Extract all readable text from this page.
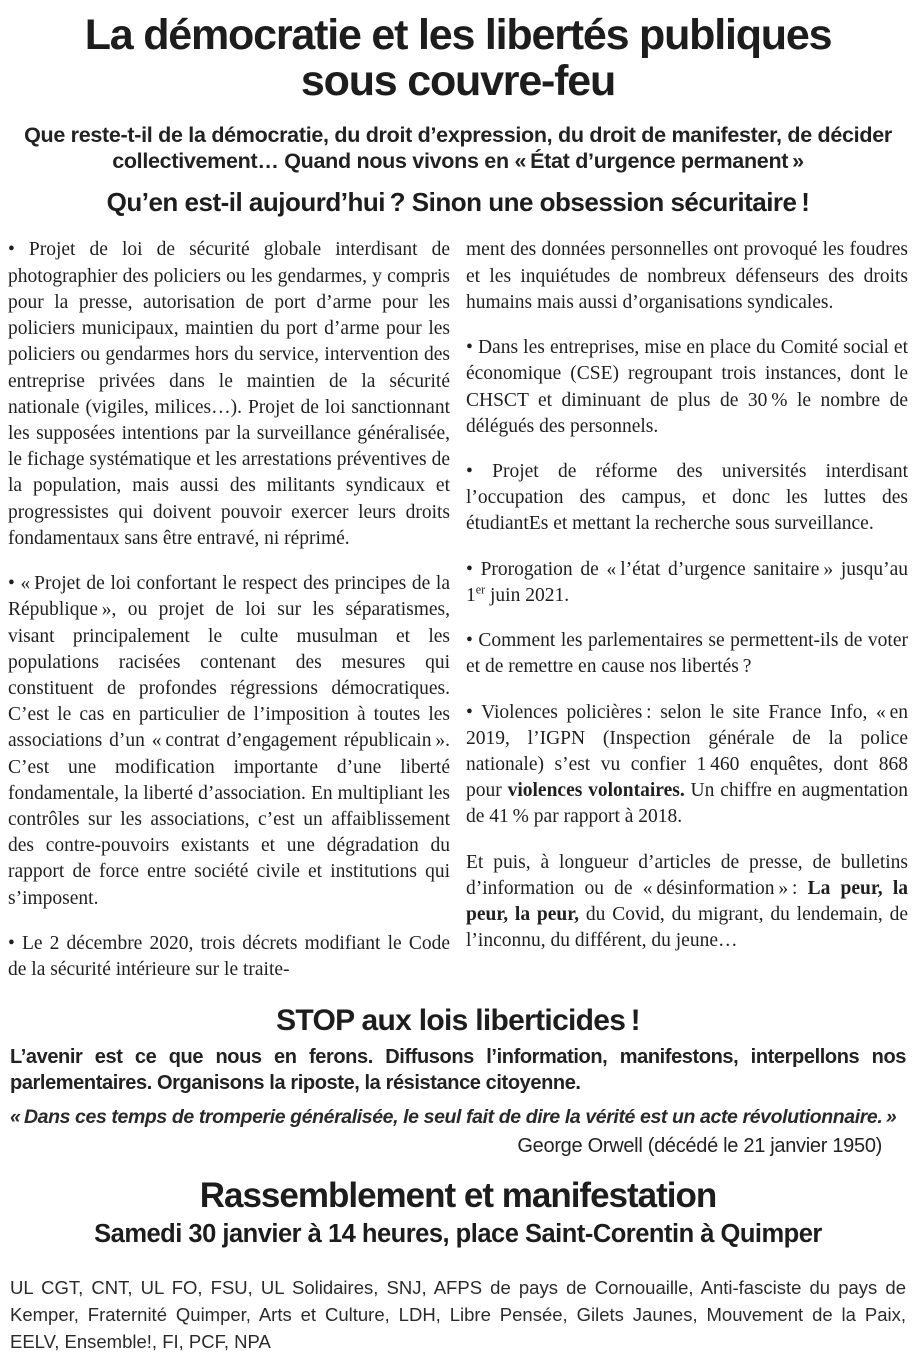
La démocratie et les libertés publiques
sous couvre-feu

Que reste-t-il de la démocratie, du droit d’expression, du droit de manifester, de décider collectivement… Quand nous vivons en « État d’urgence permanent »

Qu’en est-il aujourd’hui ? Sinon une obsession sécuritaire !

• Projet de loi de sécurité globale interdisant de photographier des policiers ou les gendarmes, y compris pour la presse, autorisation de port d’arme pour les policiers municipaux, maintien du port d’arme pour les policiers ou gendarmes hors du service, intervention des entreprise privées dans le maintien de la sécurité nationale (vigiles, milices…). Projet de loi sanctionnant les supposées intentions par la surveillance généralisée, le fichage systématique et les arrestations préventives de la population, mais aussi des militants syndicaux et progressistes qui doivent pouvoir exercer leurs droits fondamentaux sans être entravé, ni réprimé.

• « Projet de loi confortant le respect des principes de la République », ou projet de loi sur les séparatismes, visant principalement le culte musulman et les populations racisées contenant des mesures qui constituent de profondes régressions démocratiques. C’est le cas en particulier de l’imposition à toutes les associations d’un « contrat d’engagement républicain ». C’est une modification importante d’une liberté fondamentale, la liberté d’association. En multipliant les contrôles sur les associations, c’est un affaiblissement des contre-pouvoirs existants et une dégradation du rapport de force entre société civile et institutions qui s’imposent.

• Le 2 décembre 2020, trois décrets modifiant le Code de la sécurité intérieure sur le traite-

ment des données personnelles ont provoqué les foudres et les inquiétudes de nombreux défenseurs des droits humains mais aussi d’organisations syndicales.

• Dans les entreprises, mise en place du Comité social et économique (CSE) regroupant trois instances, dont le CHSCT et diminuant de plus de 30 % le nombre de délégués des personnels.

• Projet de réforme des universités interdisant l’occupation des campus, et donc les luttes des étudiantEs et mettant la recherche sous surveillance.

• Prorogation de « l’état d’urgence sanitaire » jusqu’au 1er juin 2021.

• Comment les parlementaires se permettent-ils de voter et de remettre en cause nos libertés ?

• Violences policières : selon le site France Info, « en 2019, l’IGPN (Inspection générale de la police nationale) s’est vu confier 1 460 enquêtes, dont 868 pour violences volontaires. Un chiffre en augmentation de 41 % par rapport à 2018.

Et puis, à longueur d’articles de presse, de bulletins d’information ou de « désinformation » : La peur, la peur, la peur, du Covid, du migrant, du lendemain, de l’inconnu, du différent, du jeune…

STOP aux lois liberticides !

L’avenir est ce que nous en ferons. Diffusons l’information, manifestons, interpellons nos parlementaires. Organisons la riposte, la résistance citoyenne.

« Dans ces temps de tromperie généralisée, le seul fait de dire la vérité est un acte révolutionnaire. »

George Orwell (décédé le 21 janvier 1950)

Rassemblement et manifestation

Samedi 30 janvier à 14 heures, place Saint-Corentin à Quimper

UL CGT, CNT, UL FO, FSU, UL Solidaires, SNJ, AFPS de pays de Cornouaille, Anti-fasciste du pays de Kemper, Fraternité Quimper, Arts et Culture, LDH, Libre Pensée, Gilets Jaunes, Mouvement de la Paix, EELV, Ensemble!, FI, PCF, NPA
